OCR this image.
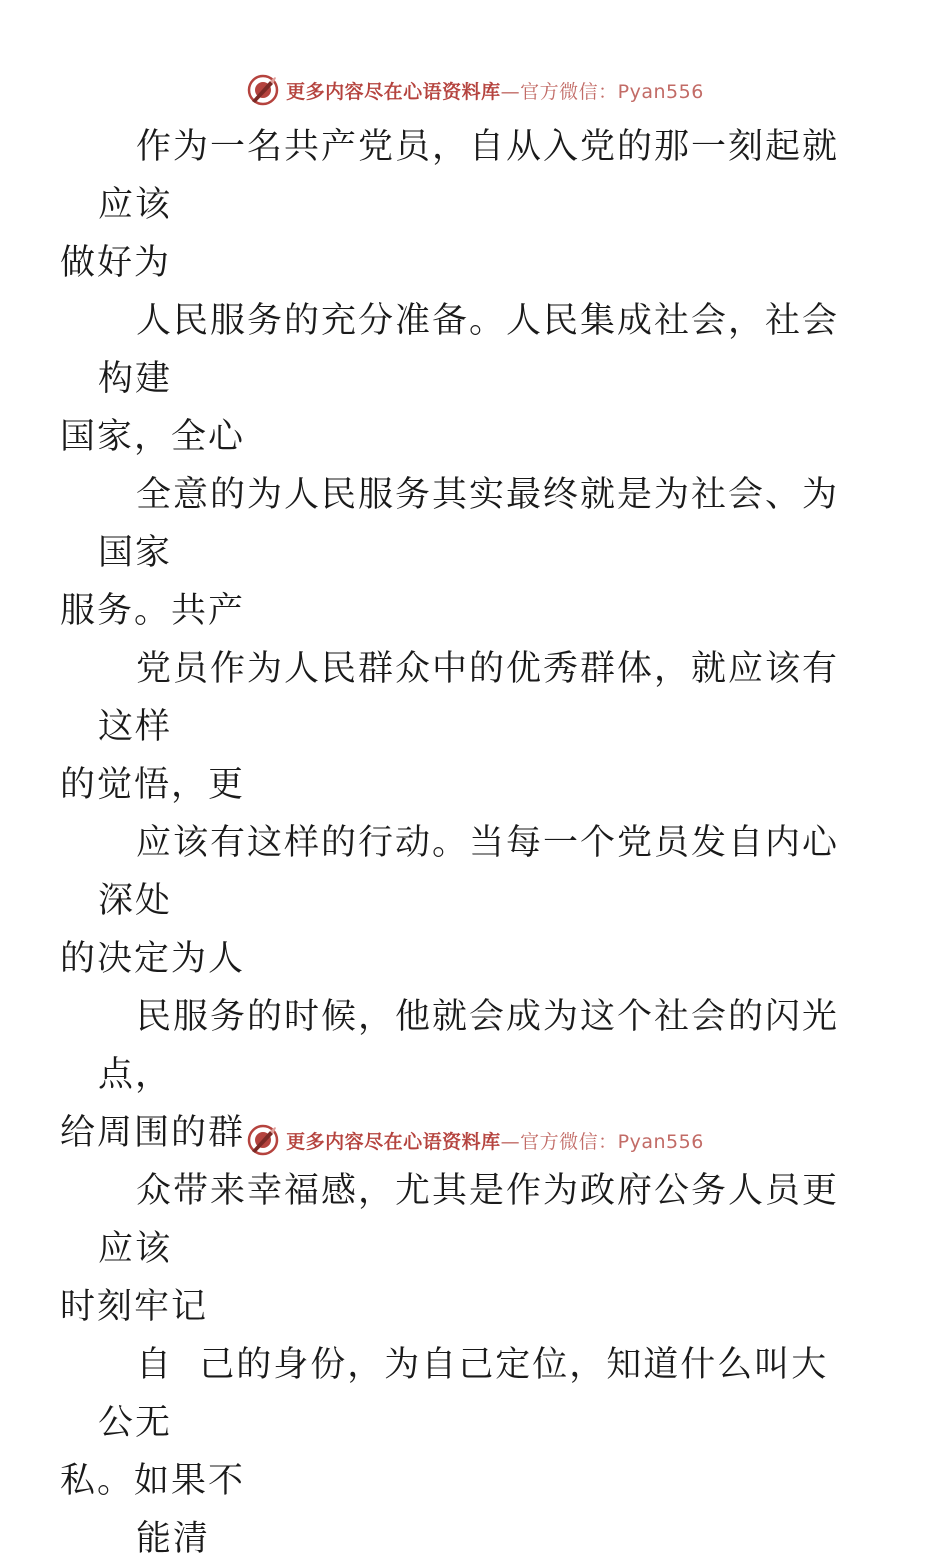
更多内容尽在心语资料库—官方微信：Pyan556

作为一名共产党员，自从入党的那一刻起就应该
做好为

人民服务的充分准备。人民集成社会，社会构建
国家，全心

全意的为人民服务其实最终就是为社会、为国家
服务。共产

党员作为人民群众中的优秀群体，就应该有这样
的觉悟，更

应该有这样的行动。当每一个党员发自内心深处
的决定为人

民服务的时候，他就会成为这个社会的闪光点，
给周围的群

众带来幸福感，尤其是作为政府公务人员更应该
时刻牢记

自  己的身份，为自己定位，知道什么叫大公无
私。如果不

能清

更多内容尽在心语资料库—官方微信：Pyan556
